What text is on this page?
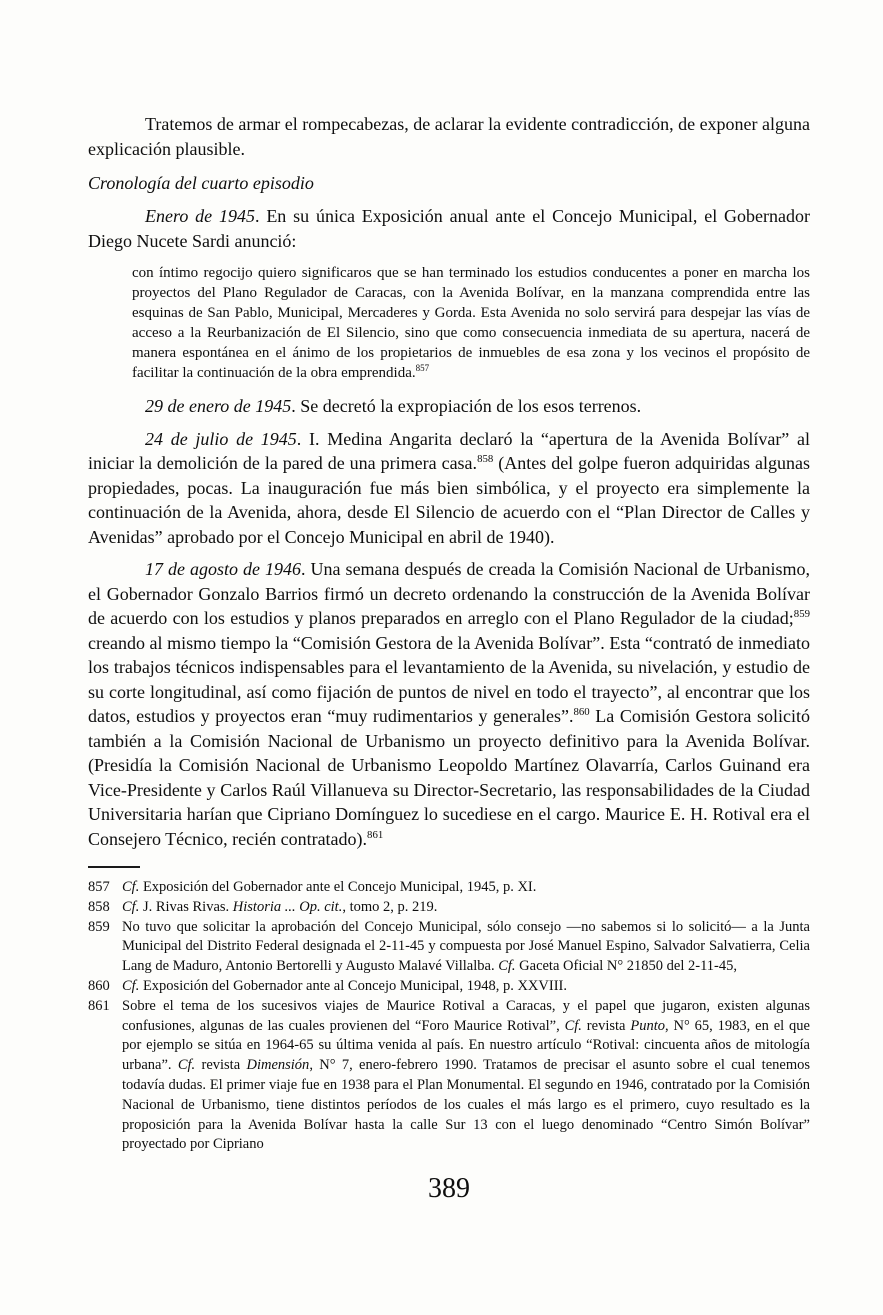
Tratemos de armar el rompecabezas, de aclarar la evidente contradicción, de exponer alguna explicación plausible.

Cronología del cuarto episodio

Enero de 1945. En su única Exposición anual ante el Concejo Municipal, el Gobernador Diego Nucete Sardi anunció:

con íntimo regocijo quiero significaros que se han terminado los estudios conducentes a poner en marcha los proyectos del Plano Regulador de Caracas, con la Avenida Bolívar, en la manzana comprendida entre las esquinas de San Pablo, Municipal, Mercaderes y Gorda. Esta Avenida no solo servirá para despejar las vías de acceso a la Reurbanización de El Silencio, sino que como consecuencia inmediata de su apertura, nacerá de manera espontánea en el ánimo de los propietarios de inmuebles de esa zona y los vecinos el propósito de facilitar la continuación de la obra emprendida.$^{857}$

29 de enero de 1945. Se decretó la expropiación de los esos terrenos.

24 de julio de 1945. I. Medina Angarita declaró la “apertura de la Avenida Bolívar” al iniciar la demolición de la pared de una primera casa.$^{858}$ (Antes del golpe fueron adquiridas algunas propiedades, pocas. La inauguración fue más bien simbólica, y el proyecto era simplemente la continuación de la Avenida, ahora, desde El Silencio de acuerdo con el “Plan Director de Calles y Avenidas” aprobado por el Concejo Municipal en abril de 1940).

17 de agosto de 1946. Una semana después de creada la Comisión Nacional de Urbanismo, el Gobernador Gonzalo Barrios firmó un decreto ordenando la construcción de la Avenida Bolívar de acuerdo con los estudios y planos preparados en arreglo con el Plano Regulador de la ciudad;$^{859}$ creando al mismo tiempo la “Comisión Gestora de la Avenida Bolívar”. Esta “contrató de inmediato los trabajos técnicos indispensables para el levantamiento de la Avenida, su nivelación, y estudio de su corte longitudinal, así como fijación de puntos de nivel en todo el trayecto”, al encontrar que los datos, estudios y proyectos eran “muy rudimentarios y generales”.$^{860}$ La Comisión Gestora solicitó también a la Comisión Nacional de Urbanismo un proyecto definitivo para la Avenida Bolívar. (Presidía la Comisión Nacional de Urbanismo Leopoldo Martínez Olavarría, Carlos Guinand era Vice-Presidente y Carlos Raúl Villanueva su Director-Secretario, las responsabilidades de la Ciudad Universitaria harían que Cipriano Domínguez lo sucediese en el cargo. Maurice E. H. Rotival era el Consejero Técnico, recién contratado).$^{861}$

857 Cf. Exposición del Gobernador ante el Concejo Municipal, 1945, p. XI.
858 Cf. J. Rivas Rivas. Historia ... Op. cit., tomo 2, p. 219.
859 No tuvo que solicitar la aprobación del Concejo Municipal, sólo consejo —no sabemos si lo solicitó— a la Junta Municipal del Distrito Federal designada el 2-11-45 y compuesta por José Manuel Espino, Salvador Salvatierra, Celia Lang de Maduro, Antonio Bertorelli y Augusto Malavé Villalba. Cf. Gaceta Oficial N° 21850 del 2-11-45,
860 Cf. Exposición del Gobernador ante al Concejo Municipal, 1948, p. XXVIII.
861 Sobre el tema de los sucesivos viajes de Maurice Rotival a Caracas, y el papel que jugaron, existen algunas confusiones, algunas de las cuales provienen del “Foro Maurice Rotival”, Cf. revista Punto, N° 65, 1983, en el que por ejemplo se sitúa en 1964-65 su última venida al país. En nuestro artículo “Rotival: cincuenta años de mitología urbana”. Cf. revista Dimensión, N° 7, enero-febrero 1990. Tratamos de precisar el asunto sobre el cual tenemos todavía dudas. El primer viaje fue en 1938 para el Plan Monumental. El segundo en 1946, contratado por la Comisión Nacional de Urbanismo, tiene distintos períodos de los cuales el más largo es el primero, cuyo resultado es la proposición para la Avenida Bolívar hasta la calle Sur 13 con el luego denominado “Centro Simón Bolívar” proyectado por Cipriano
389
